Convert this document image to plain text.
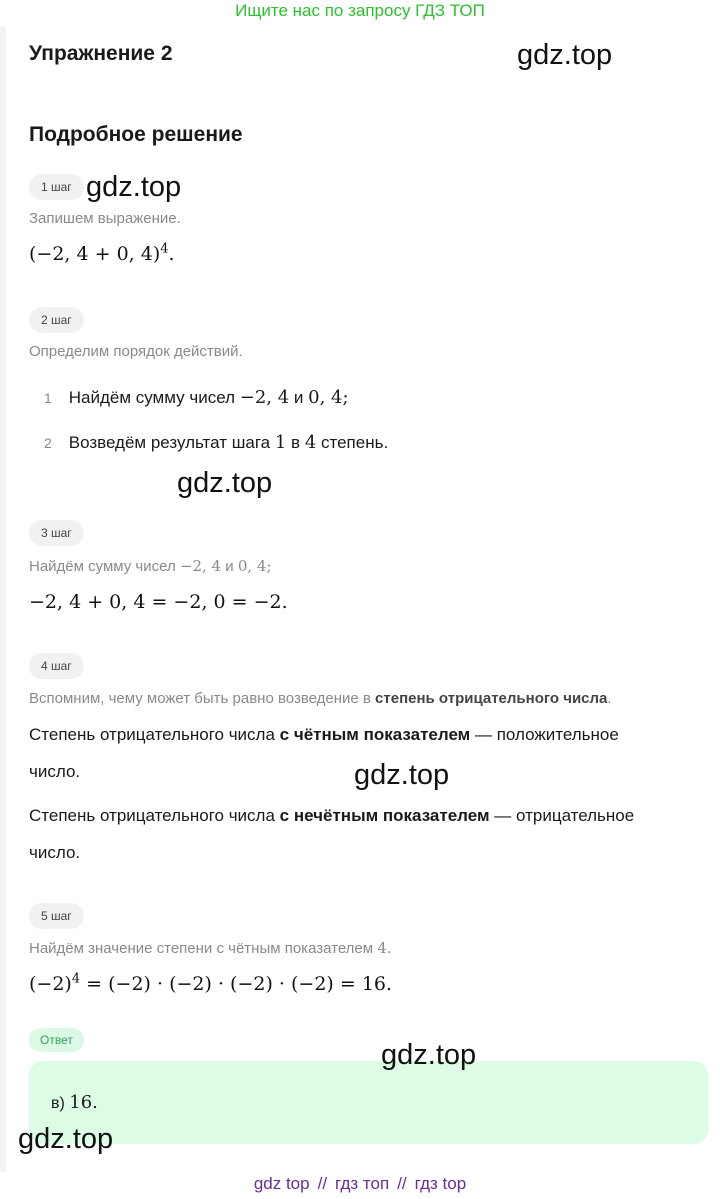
Ищите нас по запросу ГДЗ ТОП
Упражнение 2	gdz.top
Подробное решение
1 шаг gdz.top
Запишем выражение.
(−2, 4 + 0, 4)$^4$.
2 шаг
Определим порядок действий.
1 Найдём сумму чисел −2, 4 и 0, 4;
2 Возведём результат шага 1 в 4 степень.
gdz.top
3 шаг
Найдём сумму чисел −2, 4 и 0, 4;
−2, 4 + 0, 4 = −2, 0 = −2.
4 шаг
Вспомним, чему может быть равно возведение в степень отрицательного числа.
Степень отрицательного числа с чётным показателем — положительное число.	gdz.top
Степень отрицательного числа с нечётным показателем — отрицательное число.
5 шаг
Найдём значение степени с чётным показателем 4.
$(-2)^4 = (-2) \cdot (-2) \cdot (-2) \cdot (-2) = 16$.
Ответ
в) 16.
gdz.top
gdz.top
gdz top // гдз топ // гдз top
